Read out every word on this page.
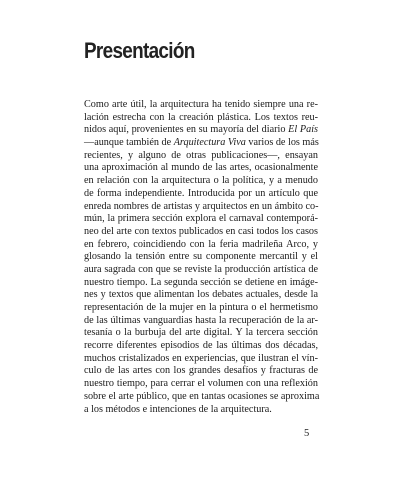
Presentación
Como arte útil, la arquitectura ha tenido siempre una re-
lación estrecha con la creación plástica. Los textos reu-
nidos aquí, provenientes en su mayoría del diario El País
—aunque también de Arquitectura Viva varios de los más
recientes, y alguno de otras publicaciones—, ensayan
una aproximación al mundo de las artes, ocasionalmente
en relación con la arquitectura o la política, y a menudo
de forma independiente. Introducida por un artículo que
enreda nombres de artistas y arquitectos en un ámbito co-
mún, la primera sección explora el carnaval contemporá-
neo del arte con textos publicados en casi todos los casos
en febrero, coincidiendo con la feria madrileña Arco, y
glosando la tensión entre su componente mercantil y el
aura sagrada con que se reviste la producción artística de
nuestro tiempo. La segunda sección se detiene en imáge-
nes y textos que alimentan los debates actuales, desde la
representación de la mujer en la pintura o el hermetismo
de las últimas vanguardias hasta la recuperación de la ar-
tesanía o la burbuja del arte digital. Y la tercera sección
recorre diferentes episodios de las últimas dos décadas,
muchos cristalizados en experiencias, que ilustran el vín-
culo de las artes con los grandes desafíos y fracturas de
nuestro tiempo, para cerrar el volumen con una reflexión
sobre el arte público, que en tantas ocasiones se aproxima
a los métodos e intenciones de la arquitectura.
5
